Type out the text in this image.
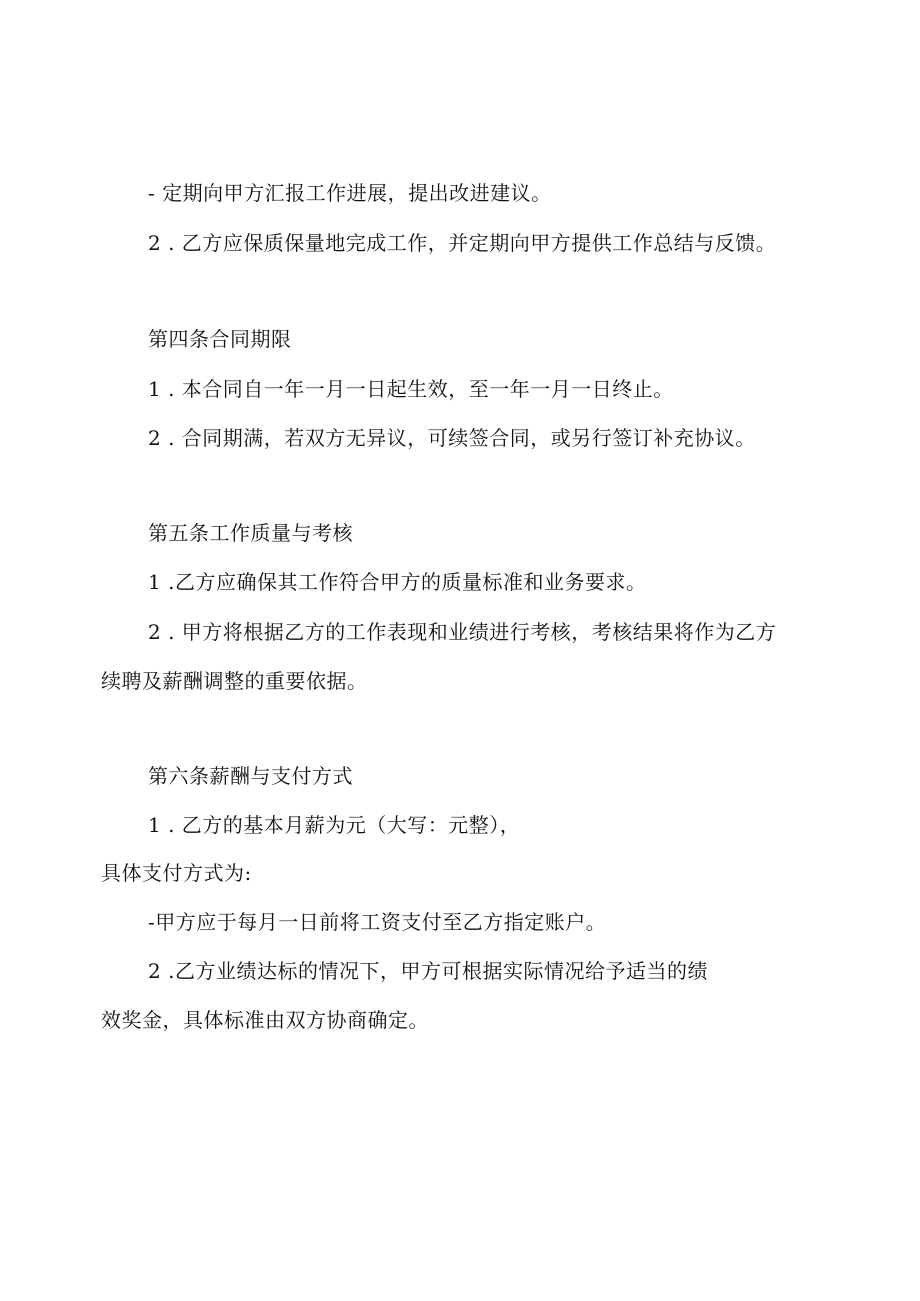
- 定期向甲方汇报工作进展，提出改进建议。
2 . 乙方应保质保量地完成工作，并定期向甲方提供工作总结与反馈。
第四条合同期限
1 . 本合同自一年一月一日起生效，至一年一月一日终止。
2 . 合同期满，若双方无异议，可续签合同，或另行签订补充协议。
第五条工作质量与考核
1 .乙方应确保其工作符合甲方的质量标准和业务要求。
2 . 甲方将根据乙方的工作表现和业绩进行考核，考核结果将作为乙方
续聘及薪酬调整的重要依据。
第六条薪酬与支付方式
1 . 乙方的基本月薪为元（大写：元整），
具体支付方式为:
-甲方应于每月一日前将工资支付至乙方指定账户。
2 .乙方业绩达标的情况下，甲方可根据实际情况给予适当的绩
效奖金，具体标准由双方协商确定。
